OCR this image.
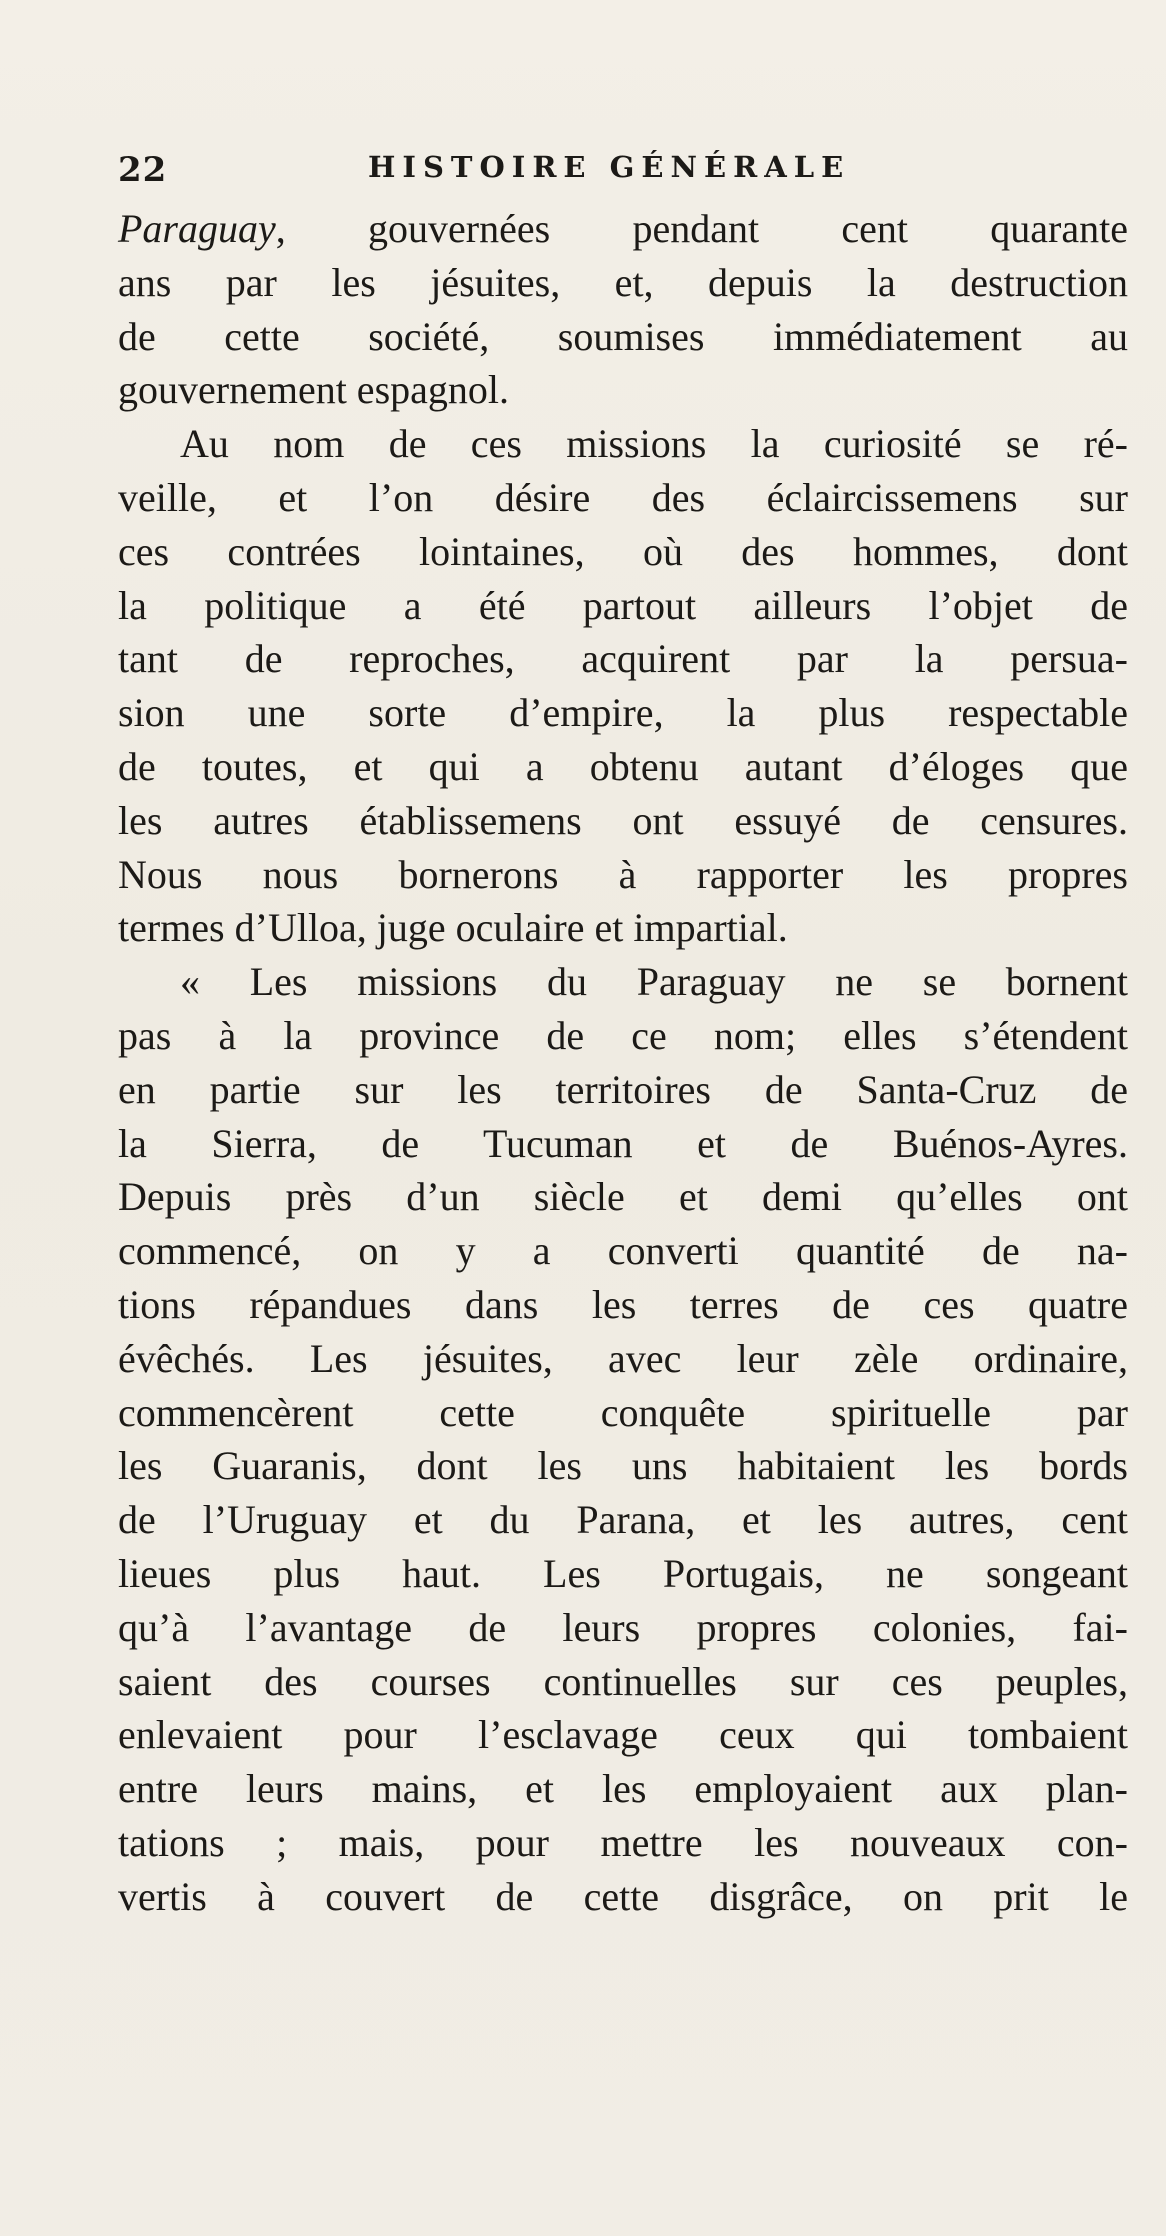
22	HISTOIRE GÉNÉRALE
Paraguay, gouvernées pendant cent quarante
ans par les jésuites, et, depuis la destruction
de cette société, soumises immédiatement au
gouvernement espagnol.
Au nom de ces missions la curiosité se ré-
veille, et l’on désire des éclaircissemens sur
ces contrées lointaines, où des hommes, dont
la politique a été partout ailleurs l’objet de
tant de reproches, acquirent par la persua-
sion une sorte d’empire, la plus respectable
de toutes, et qui a obtenu autant d’éloges que
les autres établissemens ont essuyé de censures.
Nous nous bornerons à rapporter les propres
termes d’Ulloa, juge oculaire et impartial.
« Les missions du Paraguay ne se bornent
pas à la province de ce nom; elles s’étendent
en partie sur les territoires de Santa-Cruz de
la Sierra, de Tucuman et de Buénos-Ayres.
Depuis près d’un siècle et demi qu’elles ont
commencé, on y a converti quantité de na-
tions répandues dans les terres de ces quatre
évêchés. Les jésuites, avec leur zèle ordinaire,
commencèrent cette conquête spirituelle par
les Guaranis, dont les uns habitaient les bords
de l’Uruguay et du Parana, et les autres, cent
lieues plus haut. Les Portugais, ne songeant
qu’à l’avantage de leurs propres colonies, fai-
saient des courses continuelles sur ces peuples,
enlevaient pour l’esclavage ceux qui tombaient
entre leurs mains, et les employaient aux plan-
tations ; mais, pour mettre les nouveaux con-
vertis à couvert de cette disgrâce, on prit le
